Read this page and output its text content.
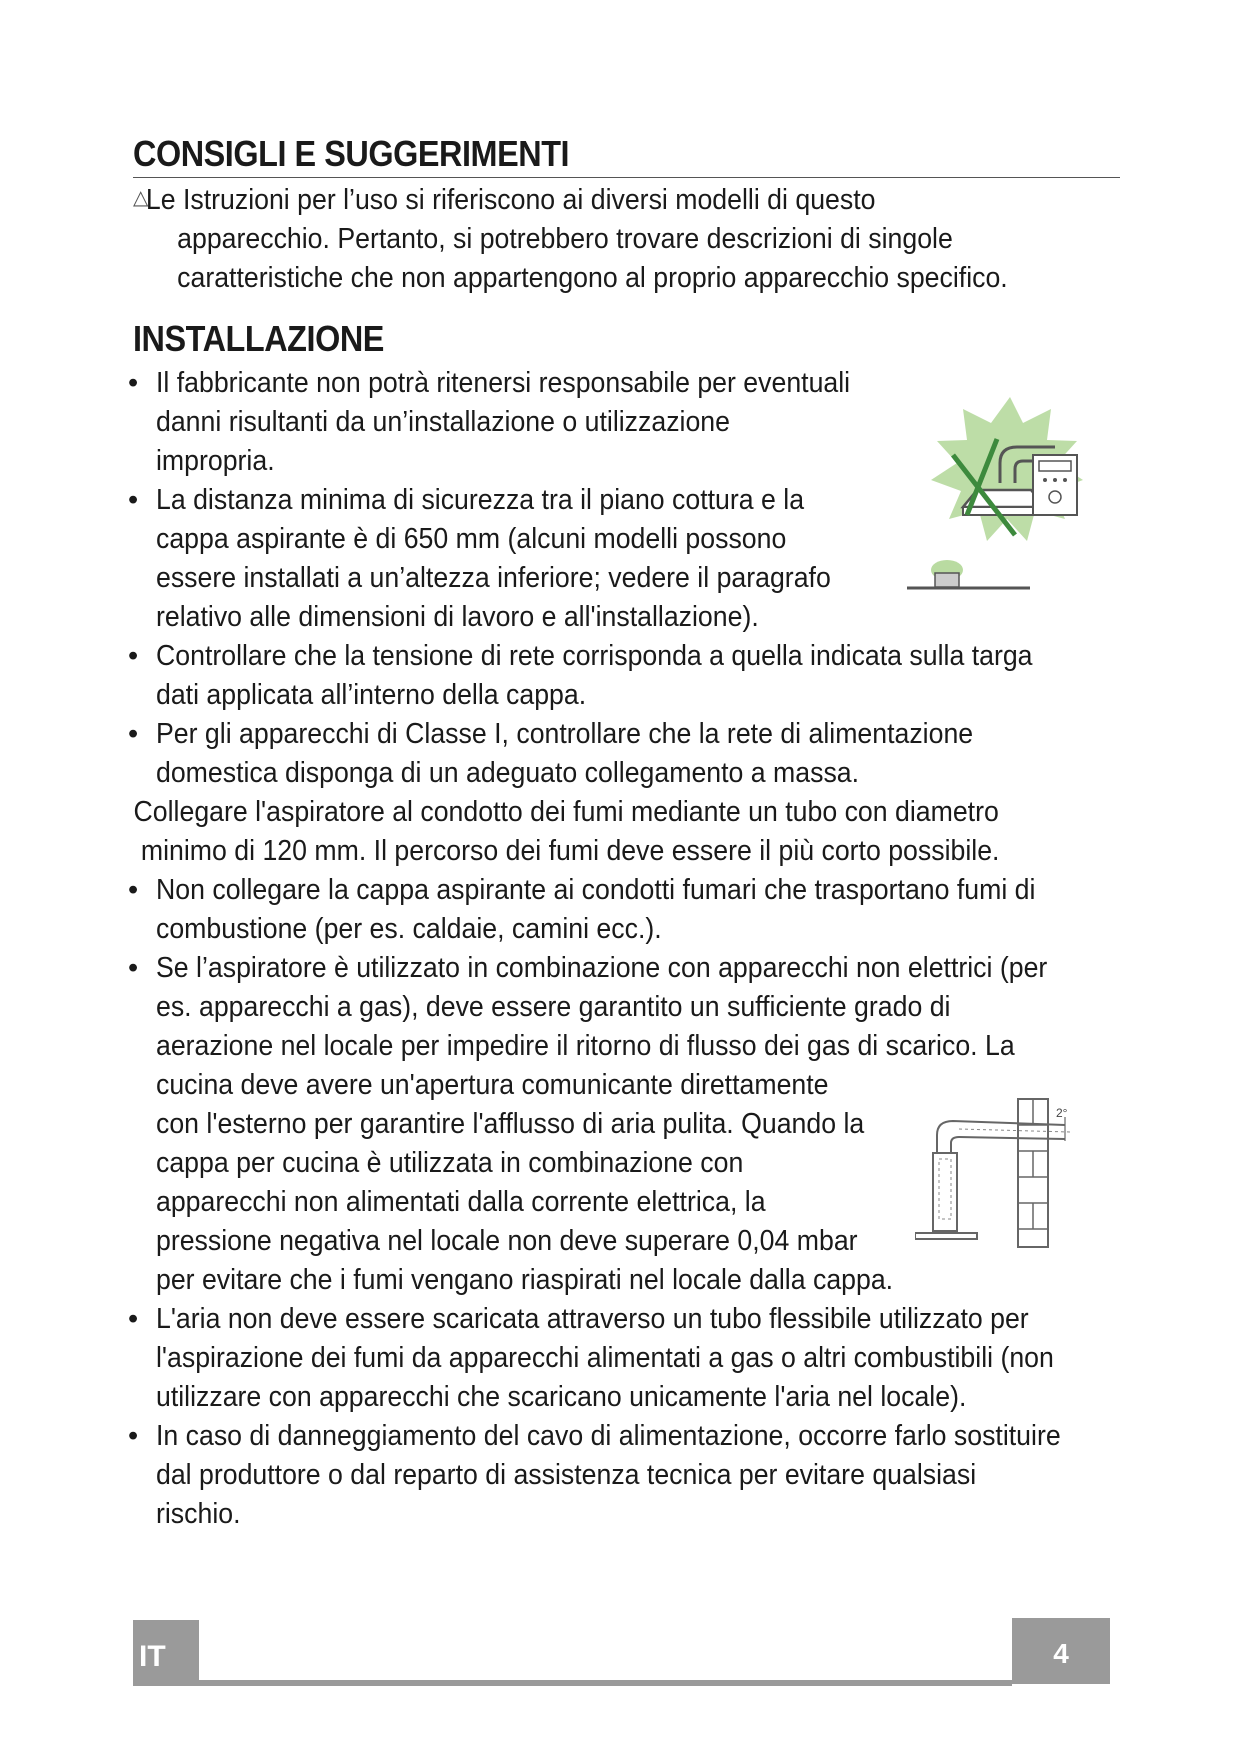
CONSIGLI E SUGGERIMENTI
△
Le Istruzioni per l’uso si riferiscono ai diversi modelli di questo
apparecchio. Pertanto, si potrebbero trovare descrizioni di singole
caratteristiche che non appartengono al proprio apparecchio specifico.
INSTALLAZIONE
• Il fabbricante non potrà ritenersi responsabile per eventuali
danni risultanti da un’installazione o utilizzazione
impropria.
• La distanza minima di sicurezza tra il piano cottura e la
cappa aspirante è di 650 mm (alcuni modelli possono
essere installati a un’altezza inferiore; vedere il paragrafo
relativo alle dimensioni di lavoro e all'installazione).
• Controllare che la tensione di rete corrisponda a quella indicata sulla targa
dati applicata all’interno della cappa.
• Per gli apparecchi di Classe I, controllare che la rete di alimentazione
domestica disponga di un adeguato collegamento a massa.
Collegare l'aspiratore al condotto dei fumi mediante un tubo con diametro
minimo di 120 mm. Il percorso dei fumi deve essere il più corto possibile.
• Non collegare la cappa aspirante ai condotti fumari che trasportano fumi di
combustione (per es. caldaie, camini ecc.).
• Se l’aspiratore è utilizzato in combinazione con apparecchi non elettrici (per
es. apparecchi a gas), deve essere garantito un sufficiente grado di
aerazione nel locale per impedire il ritorno di flusso dei gas di scarico. La
cucina deve avere un'apertura comunicante direttamente
con l'esterno per garantire l'afflusso di aria pulita. Quando la
cappa per cucina è utilizzata in combinazione con
apparecchi non alimentati dalla corrente elettrica, la
pressione negativa nel locale non deve superare 0,04 mbar
per evitare che i fumi vengano riaspirati nel locale dalla cappa.
• L'aria non deve essere scaricata attraverso un tubo flessibile utilizzato per
l'aspirazione dei fumi da apparecchi alimentati a gas o altri combustibili (non
utilizzare con apparecchi che scaricano unicamente l'aria nel locale).
• In caso di danneggiamento del cavo di alimentazione, occorre farlo sostituire
dal produttore o dal reparto di assistenza tecnica per evitare qualsiasi
rischio.
2°
IT	4
